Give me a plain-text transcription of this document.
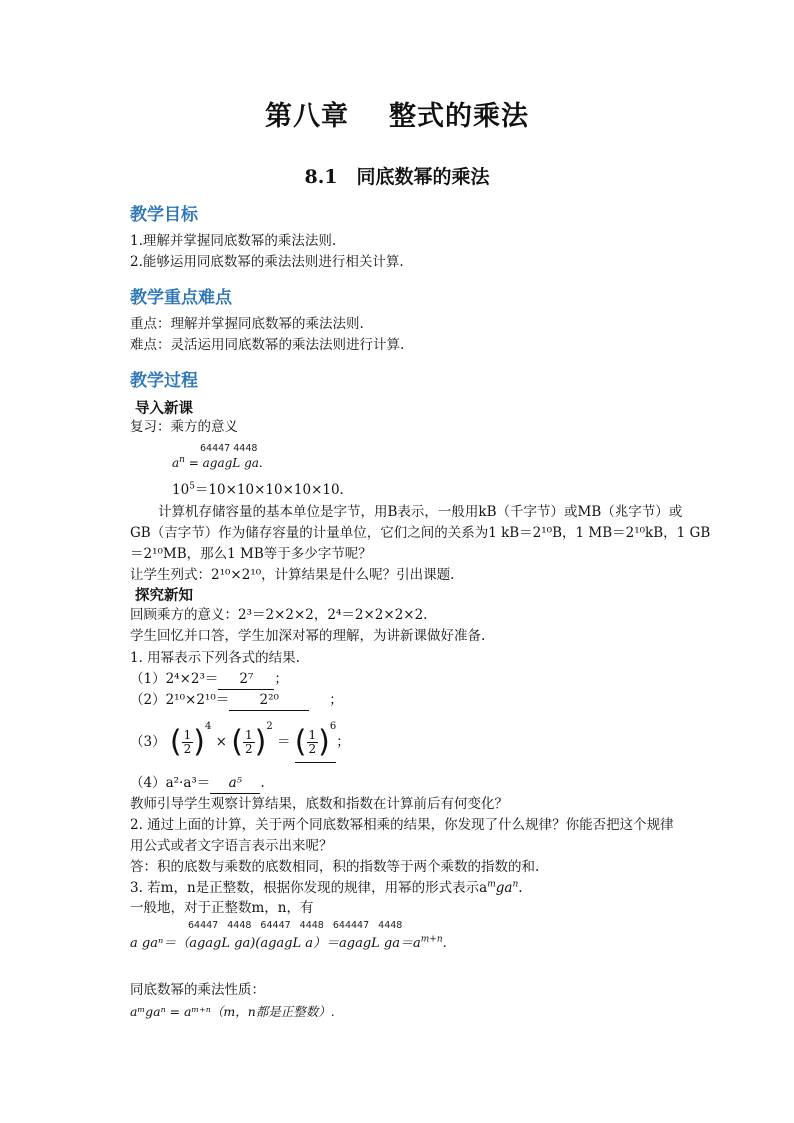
第八章 整式的乘法
8.1　同底数幂的乘法
教学目标
1.理解并掌握同底数幂的乘法法则.
2.能够运用同底数幂的乘法法则进行相关计算.
教学重点难点
重点：理解并掌握同底数幂的乘法法则.
难点：灵活运用同底数幂的乘法法则进行计算.
教学过程
导入新课
复习：乘方的意义
64447 4448
$a^n$ = agagL ga.
$10^5=10\times 10\times 10\times 10\times 10$.
计算机存储容量的基本单位是字节，用B表示，一般用kB（千字节）或MB（兆字节）或
GB（吉字节）作为储存容量的计量单位，它们之间的关系为1 kB＝2¹⁰B，1 MB＝2¹⁰kB，1 GB
＝2¹⁰MB，那么1 MB等于多少字节呢？
让学生列式：2¹⁰×2¹⁰，计算结果是什么呢？引出课题.
探究新知
回顾乘方的意义：2³＝2×2×2，2⁴＝2×2×2×2.
学生回忆并口答，学生加深对幂的理解，为讲新课做好准备.
1. 用幂表示下列各式的结果.
（1）2⁴×2³＝ 2⁷ ；
（2）2¹⁰×2¹⁰＝ 2²⁰	；
（3） ( $\frac{1}{2} )^4$ × ( $\frac{1}{2} )^2$ ＝ ( $\frac{1}{2} )^6$；
（4）a²·a³＝ a⁵ .
教师引导学生观察计算结果，底数和指数在计算前后有何变化？
2. 通过上面的计算，关于两个同底数幂相乘的结果，你发现了什么规律？你能否把这个规律
用公式或者文字语言表示出来呢？
答：积的底数与乘数的底数相同，积的指数等于两个乘数的指数的和.
3. 若m，n是正整数，根据你发现的规律，用幂的形式表示$a^mga^n$.
一般地，对于正整数m，n，有
64447 4448 64447 4448 644447 4448
a gaⁿ＝（agagL ga)(agagL a）＝agagL $ga=a^{m+n}$.
同底数幂的乘法性质：
aᵐgaⁿ = aᵐ⁺ⁿ（m，n都是正整数）.
